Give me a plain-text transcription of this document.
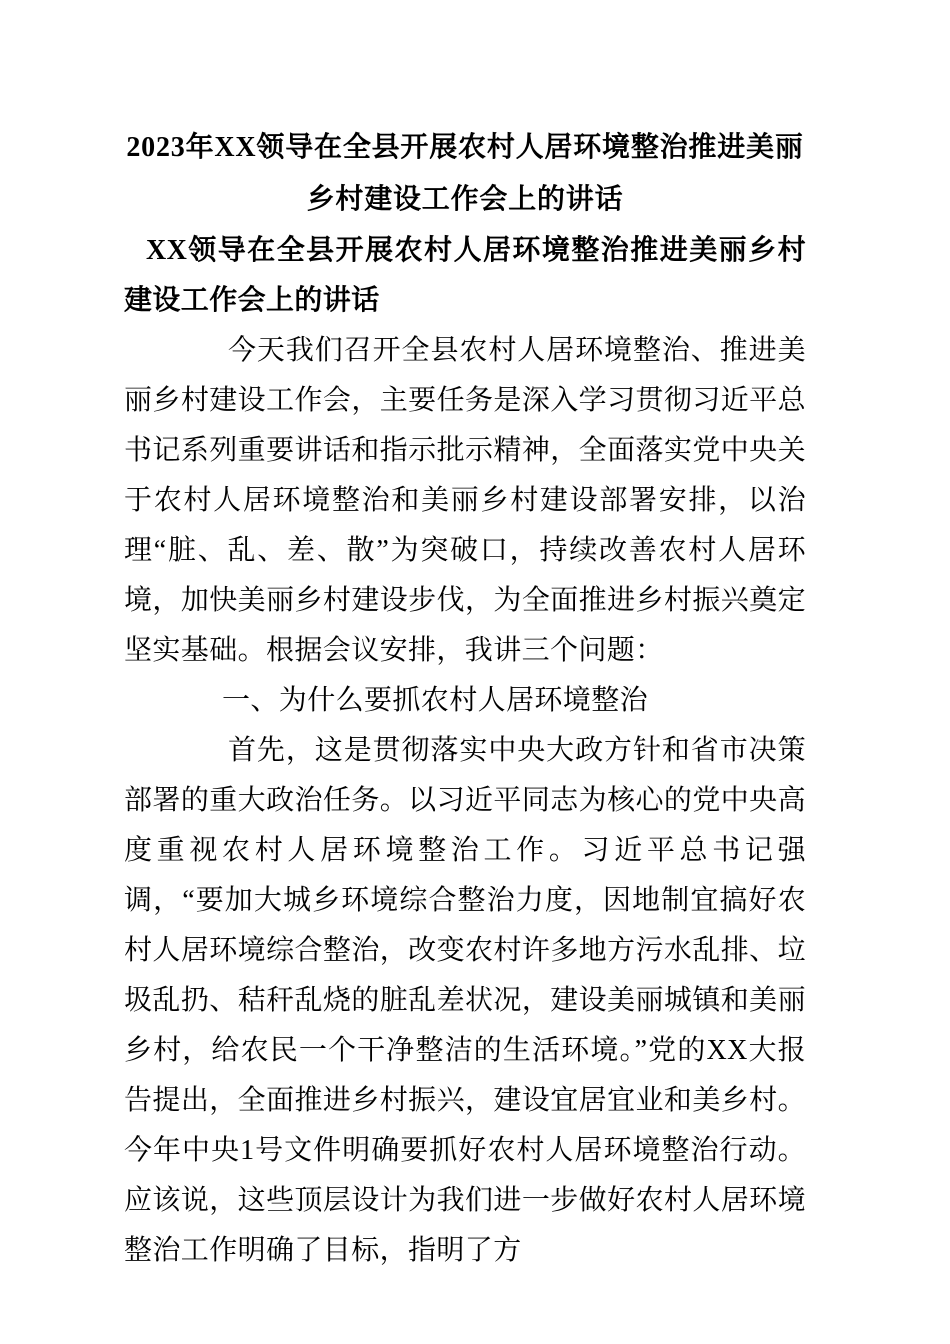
2023年XX领导在全县开展农村人居环境整治推进美丽乡村建设工作会上的讲话
XX领导在全县开展农村人居环境整治推进美丽乡村建设工作会上的讲话

今天我们召开全县农村人居环境整治、推进美丽乡村建设工作会，主要任务是深入学习贯彻习近平总书记系列重要讲话和指示批示精神，全面落实党中央关于农村人居环境整治和美丽乡村建设部署安排，以治理“脏、乱、差、散”为突破口，持续改善农村人居环境，加快美丽乡村建设步伐，为全面推进乡村振兴奠定坚实基础。根据会议安排，我讲三个问题：

一、为什么要抓农村人居环境整治

首先，这是贯彻落实中央大政方针和省市决策部署的重大政治任务。以习近平同志为核心的党中央高度重视农村人居环境整治工作。习近平总书记强调，“要加大城乡环境综合整治力度，因地制宜搞好农村人居环境综合整治，改变农村许多地方污水乱排、垃圾乱扔、秸秆乱烧的脏乱差状况，建设美丽城镇和美丽乡村，给农民一个干净整洁的生活环境。”党的XX大报告提出，全面推进乡村振兴，建设宜居宜业和美乡村。今年中央1号文件明确要抓好农村人居环境整治行动。应该说，这些顶层设计为我们进一步做好农村人居环境整治工作明确了目标，指明了方
